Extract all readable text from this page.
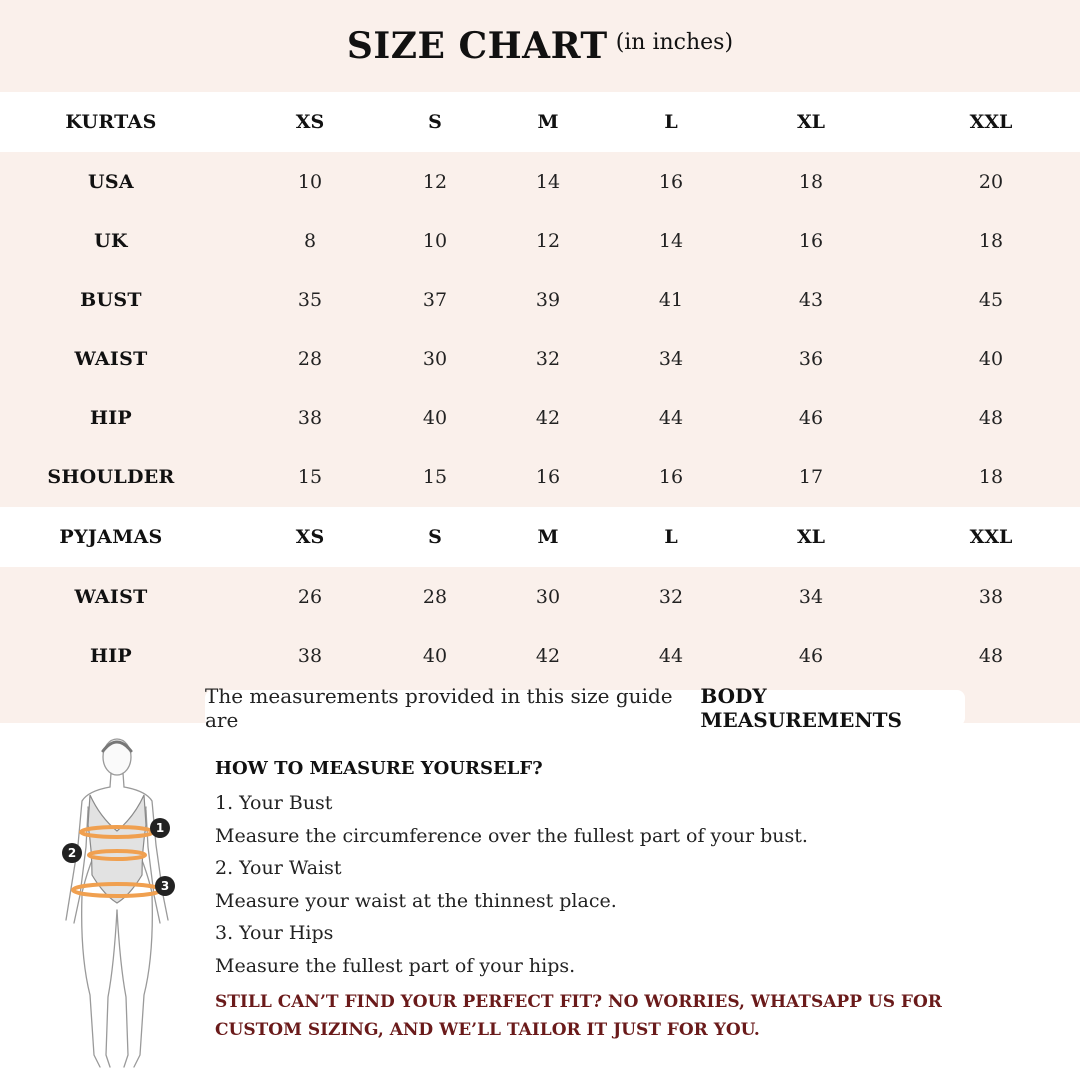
SIZE CHART (in inches)
KURTAS	XS	S	M	L	XL	XXL
USA	10	12	14	16	18	20
UK	8	10	12	14	16	18
BUST	35	37	39	41	43	45
WAIST	28	30	32	34	36	40
HIP	38	40	42	44	46	48
SHOULDER	15	15	16	16	17	18
PYJAMAS	XS	S	M	L	XL	XXL
WAIST	26	28	30	32	34	38
HIP	38	40	42	44	46	48
The measurements provided in this size guide are
BODY MEASUREMENTS
1
2
3
HOW TO MEASURE YOURSELF?
1. Your Bust
Measure the circumference over the fullest part of your bust.
2. Your Waist
Measure your waist at the thinnest place.
3. Your Hips
Measure the fullest part of your hips.
STILL CAN’T FIND YOUR PERFECT FIT? NO WORRIES, WHATSAPP US FOR CUSTOM SIZING, AND WE’LL TAILOR IT JUST FOR YOU.
